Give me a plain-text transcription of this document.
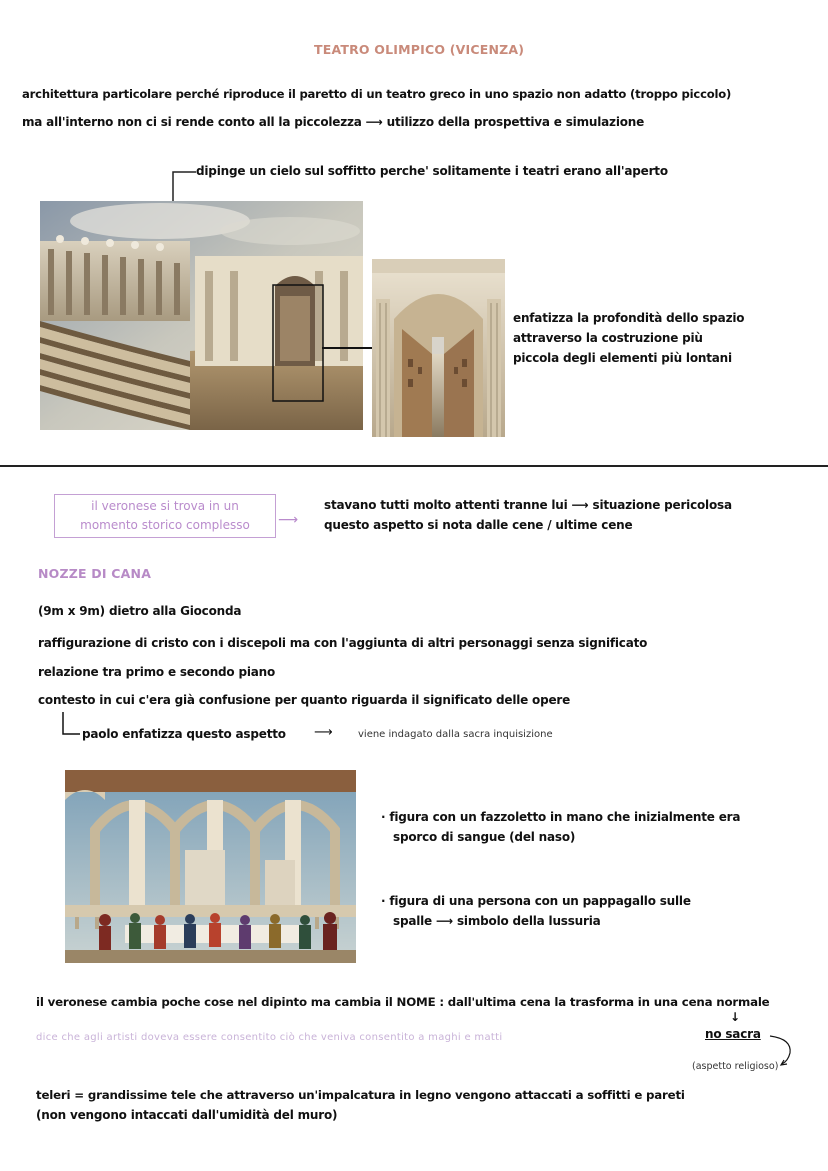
TEATRO OLIMPICO (VICENZA)
architettura particolare perché riproduce il paretto di un teatro greco in uno spazio non adatto (troppo piccolo)
ma all'interno non ci si rende conto all la piccolezza ⟶ utilizzo della prospettiva e simulazione
dipinge un cielo sul soffitto perche' solitamente i teatri erano all'aperto
enfatizza la profondità dello spazio
attraverso la costruzione più
piccola degli elementi più lontani
il veronese si trova in un
momento storico complesso	⟶
stavano tutti molto attenti tranne lui ⟶ situazione pericolosa
questo aspetto si nota dalle cene / ultime cene
NOZZE DI CANA
(9m x 9m) dietro alla Gioconda
raffigurazione di cristo con i discepoli ma con l'aggiunta di altri personaggi senza significato
relazione tra primo e secondo piano
contesto in cui c'era già confusione per quanto riguarda il significato delle opere
paolo enfatizza questo aspetto ⟶	viene indagato dalla sacra inquisizione
· figura con un fazzoletto in mano che inizialmente era
sporco di sangue (del naso)
· figura di una persona con un pappagallo sulle
spalle ⟶ simbolo della lussuria
il veronese cambia poche cose nel dipinto ma cambia il NOME : dall'ultima cena la trasforma in una cena normale
↓
dice che agli artisti doveva essere consentito ciò che veniva consentito a maghi e matti	no sacra
(aspetto religioso)
teleri = grandissime tele che attraverso un'impalcatura in legno vengono attaccati a soffitti e pareti
(non vengono intaccati dall'umidità del muro)
